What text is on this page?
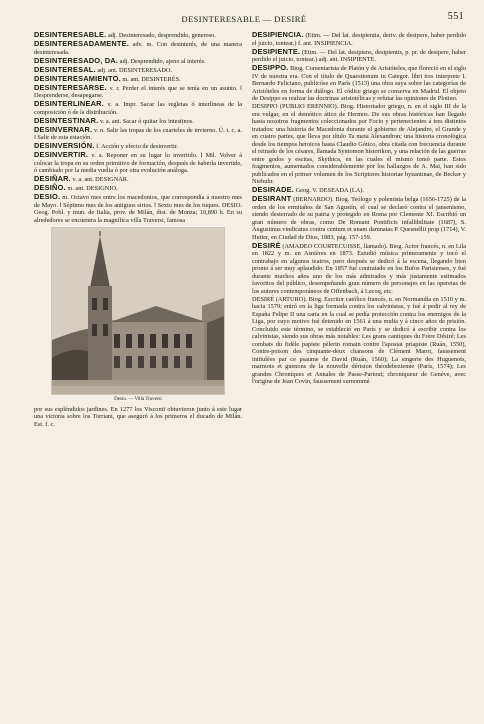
DESINTERESABLE — DESIRÉ	551
DESINTERESABLE. adj. Desinteresado, desprendido, generoso.
DESINTERESADAMENTE. adv. m. Con desinterés, de una manera desinteresada.
DESINTERESADO, DA. adj. Desprendido, ajeno al interés.
DESINTERESAL. adj. ant. DESINTERESADO.
DESINTERESAMIENTO. m. ant. DESINTERÉS.
DESINTERESARSE. v. r. Perder el interés que se tenía en un asunto. ‖ Desprenderse, desapegarse.
DESINTERLINEAR. v. a. Impr. Sacar las regletas ó interlíneas de la composición ó de la distribución.
DESINTESTINAR. v. a. ant. Sacar ó quitar los intestinos.
DESINVERNAR. v. n. Salir las tropas de los cuarteles de invierno. Ú. t. c. a. ‖ Salir de esta estación.
DESINVERSIÓN. f. Acción y efecto de desinvertir.
DESINVERTIR. v. a. Reponer en su lugar lo invertido. ‖ Mil. Volver á colocar la tropa en su orden primitivo de formación, después de haberla invertido, ó cambiado por la media vuelta ó por otra evolución análoga.
DESIÑAR. v. a. ant. DESIGNAR.
DESIÑO. m. ant. DESIGNIO.
DESIO. m. Octavo mes entre los macedonios, que correspondía á nuestro mes de Mayo. ‖ Séptimo mes de los antiguos sirios. ‖ Sexto mes de los tuques. DESIO. Geog. Pobl. y mun. de Italia, prov. de Milán, dist. de Monza; 10,890 h. En su alrededores se encuentra la magnífica villa Traversi, famosa
Desio. — Villa Traversi
por sus espléndidos jardines. En 1277 los Visconti obtuvieron junto á este lugar una victoria sobre los Torriani, que aseguró á los primeros el ducado de Milán. Est. f. c.
DESIPIENCIA. (Etim. — Del lat. desipientia, deriv. de desipere, haber perdido el juicio, tontear.) f. ant. INSIPIENCIA.
DESIPIENTE. (Etim. — Del lat. desipiens, desipientis, p. pr. de desipere, haber perdido el juicio, tontear.) adj. ant. INSIPIENTE.
DESIPPO. Biog. Comentarista de Platón y de Aristóteles, que floreció en el siglo IV de nuestra era. Con el título de Quaestionum in Categor. libri tres interprete I. Bernardo Feliciano, publicóse en París (1513) una obra suya sobre las categorías de Aristóteles en forma de diálogo. El códice griego se conserva en Madrid. El objeto de Desippo es realzar las doctrinas aristotélicas y refutar las opiniones de Plotino.
DESIPPO (PUBLIO ERENNIO). Biog. Historiador griego, n. en el siglo III de la era vulgar, en el demótico ático de Hermos. De sus obras históricas han llegado hasta nosotros fragmentos coleccionados por Focio y pertenecientes á tres distintos tratados: una historia de Macedonia durante el gobierno de Alejandro, el Grande y en cuatro partes, que lleva por título Ta meta Alexandron; una historia cronológica desde los tiempos heroicos hasta Claudio Gótico, obra citada con frecuencia durante el reinado de los césares, llamada Syntomon historikon, y una relación de las guerras entre godos y escitas, Skythica, en las cuales él mismo tomó parte. Estos fragmentos, aumentados considerablemente por los hallazgos de A. Mai, han sido publicados en el primer volumen de los Scriptores historiae byzantinae, de Becker y Niebuhr.
DESIRADE. Geog. V. DESEADA (LA).
DESIRANT (BERNARDO). Biog. Teólogo y polemista belga (1656-1725) de la orden de los ermitaños de San Agustín, el cual se declaró contra el jansenismo, siendo desterrado de su patria y protegido en Roma por Clemente XI. Escribió un gran número de obras, como De Romani Pontificis infallibilitate (1687), S. Augustinus vindicatus contra centum et unam damnatas P. Quesnellii prop (1714), V. Hutter, en Ciudad de Dios, 1883, pág. 157-159.
DESIRÉ (AMADEO COURTECUISSE, llamado). Biog. Actor francés, n. en Lila en 1822 y m. en Asnières en 1873. Estudió música primeramente y tocó el contrabajo en algunos teatros, pero después se dedicó á la escena, llegando bien pronto á ser muy aplaudido. En 1857 fué contratado en los Bufos Parisienses, y fué durante muchos años uno de los más admirados y más justamente estimados favoritos del público, desempeñando gran número de personajes en las operetas de los autores contemporáneos de Offenbach, á Lecoq, etc.
DESIRÉ (ARTURO). Biog. Escritor católico francés, n. en Normandía en 1510 y m. hacia 1579; entró en la liga formada contra los calvinistas, y fué á pedir al rey de España Felipe II una carta en la cual se pedía protección contra los enemigos de la Liga, por cuyo motivo fué detenido en 1561 á una multa y á cinco años de prisión. Concluido este término, se estableció en París y se dedicó á escribir contra los calvinistas, siendo sus obras más notables: Les grans cantiques du Frère Désiré; Les combats du fidèle papiste pèlerin romain contre l'apostat priapiste (Ruán, 1550), Contre-poison des cinquante-deux chansons de Clément Marot, faussement intitulées par ce psaume de David (Ruán, 1560); La singerie des Huguenots, marmots et guenons de la nouvelle dérision théodebezienne (París, 1574); Les grandes Chroniques et Annales de Passe-Partout; chroniqueur de Genève, avec l'origine de Jean Covin, faussement surnommé
